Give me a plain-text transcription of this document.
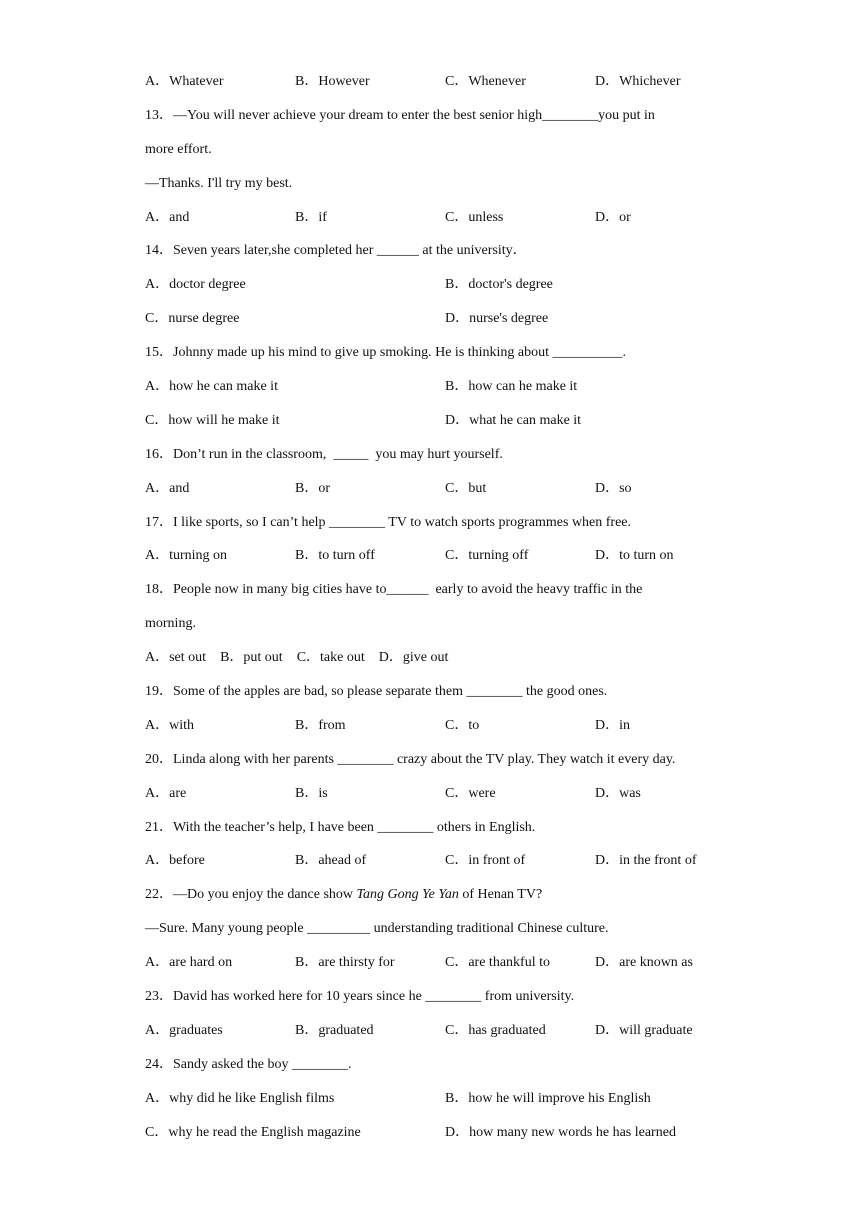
A．Whatever	B．However	C．Whenever	D．Whichever
13．—You will never achieve your dream to enter the best senior high________you put in
more effort.
—Thanks. I'll try my best.
A．and	B．if	C．unless	D．or
14．Seven years later,she completed her ______ at the university．
A．doctor degree	B．doctor's degree
C．nurse degree	D．nurse's degree
15．Johnny made up his mind to give up smoking. He is thinking about __________.
A．how he can make it	B．how can he make it
C．how will he make it	D．what he can make it
16．Don’t run in the classroom,  _____  you may hurt yourself.
A．and	B．or	C．but	D．so
17．I like sports, so I can’t help ________ TV to watch sports programmes when free.
A．turning on	B．to turn off	C．turning off	D．to turn on
18．People now in many big cities have to______  early to avoid the heavy traffic in the
morning.
A．set out B．put out C．take out D．give out
19．Some of the apples are bad, so please separate them ________ the good ones.
A．with	B．from	C．to	D．in
20．Linda along with her parents ________ crazy about the TV play. They watch it every day.
A．are	B．is	C．were	D．was
21．With the teacher’s help, I have been ________ others in English.
A．before	B．ahead of	C．in front of	D．in the front of
22．—Do you enjoy the dance show Tang Gong Ye Yan of Henan TV?
—Sure. Many young people _________ understanding traditional Chinese culture.
A．are hard on	B．are thirsty for	C．are thankful to	D．are known as
23．David has worked here for 10 years since he ________ from university.
A．graduates	B．graduated	C．has graduated	D．will graduate
24．Sandy asked the boy ________.
A．why did he like English films	B．how he will improve his English
C．why he read the English magazine	D．how many new words he has learned
